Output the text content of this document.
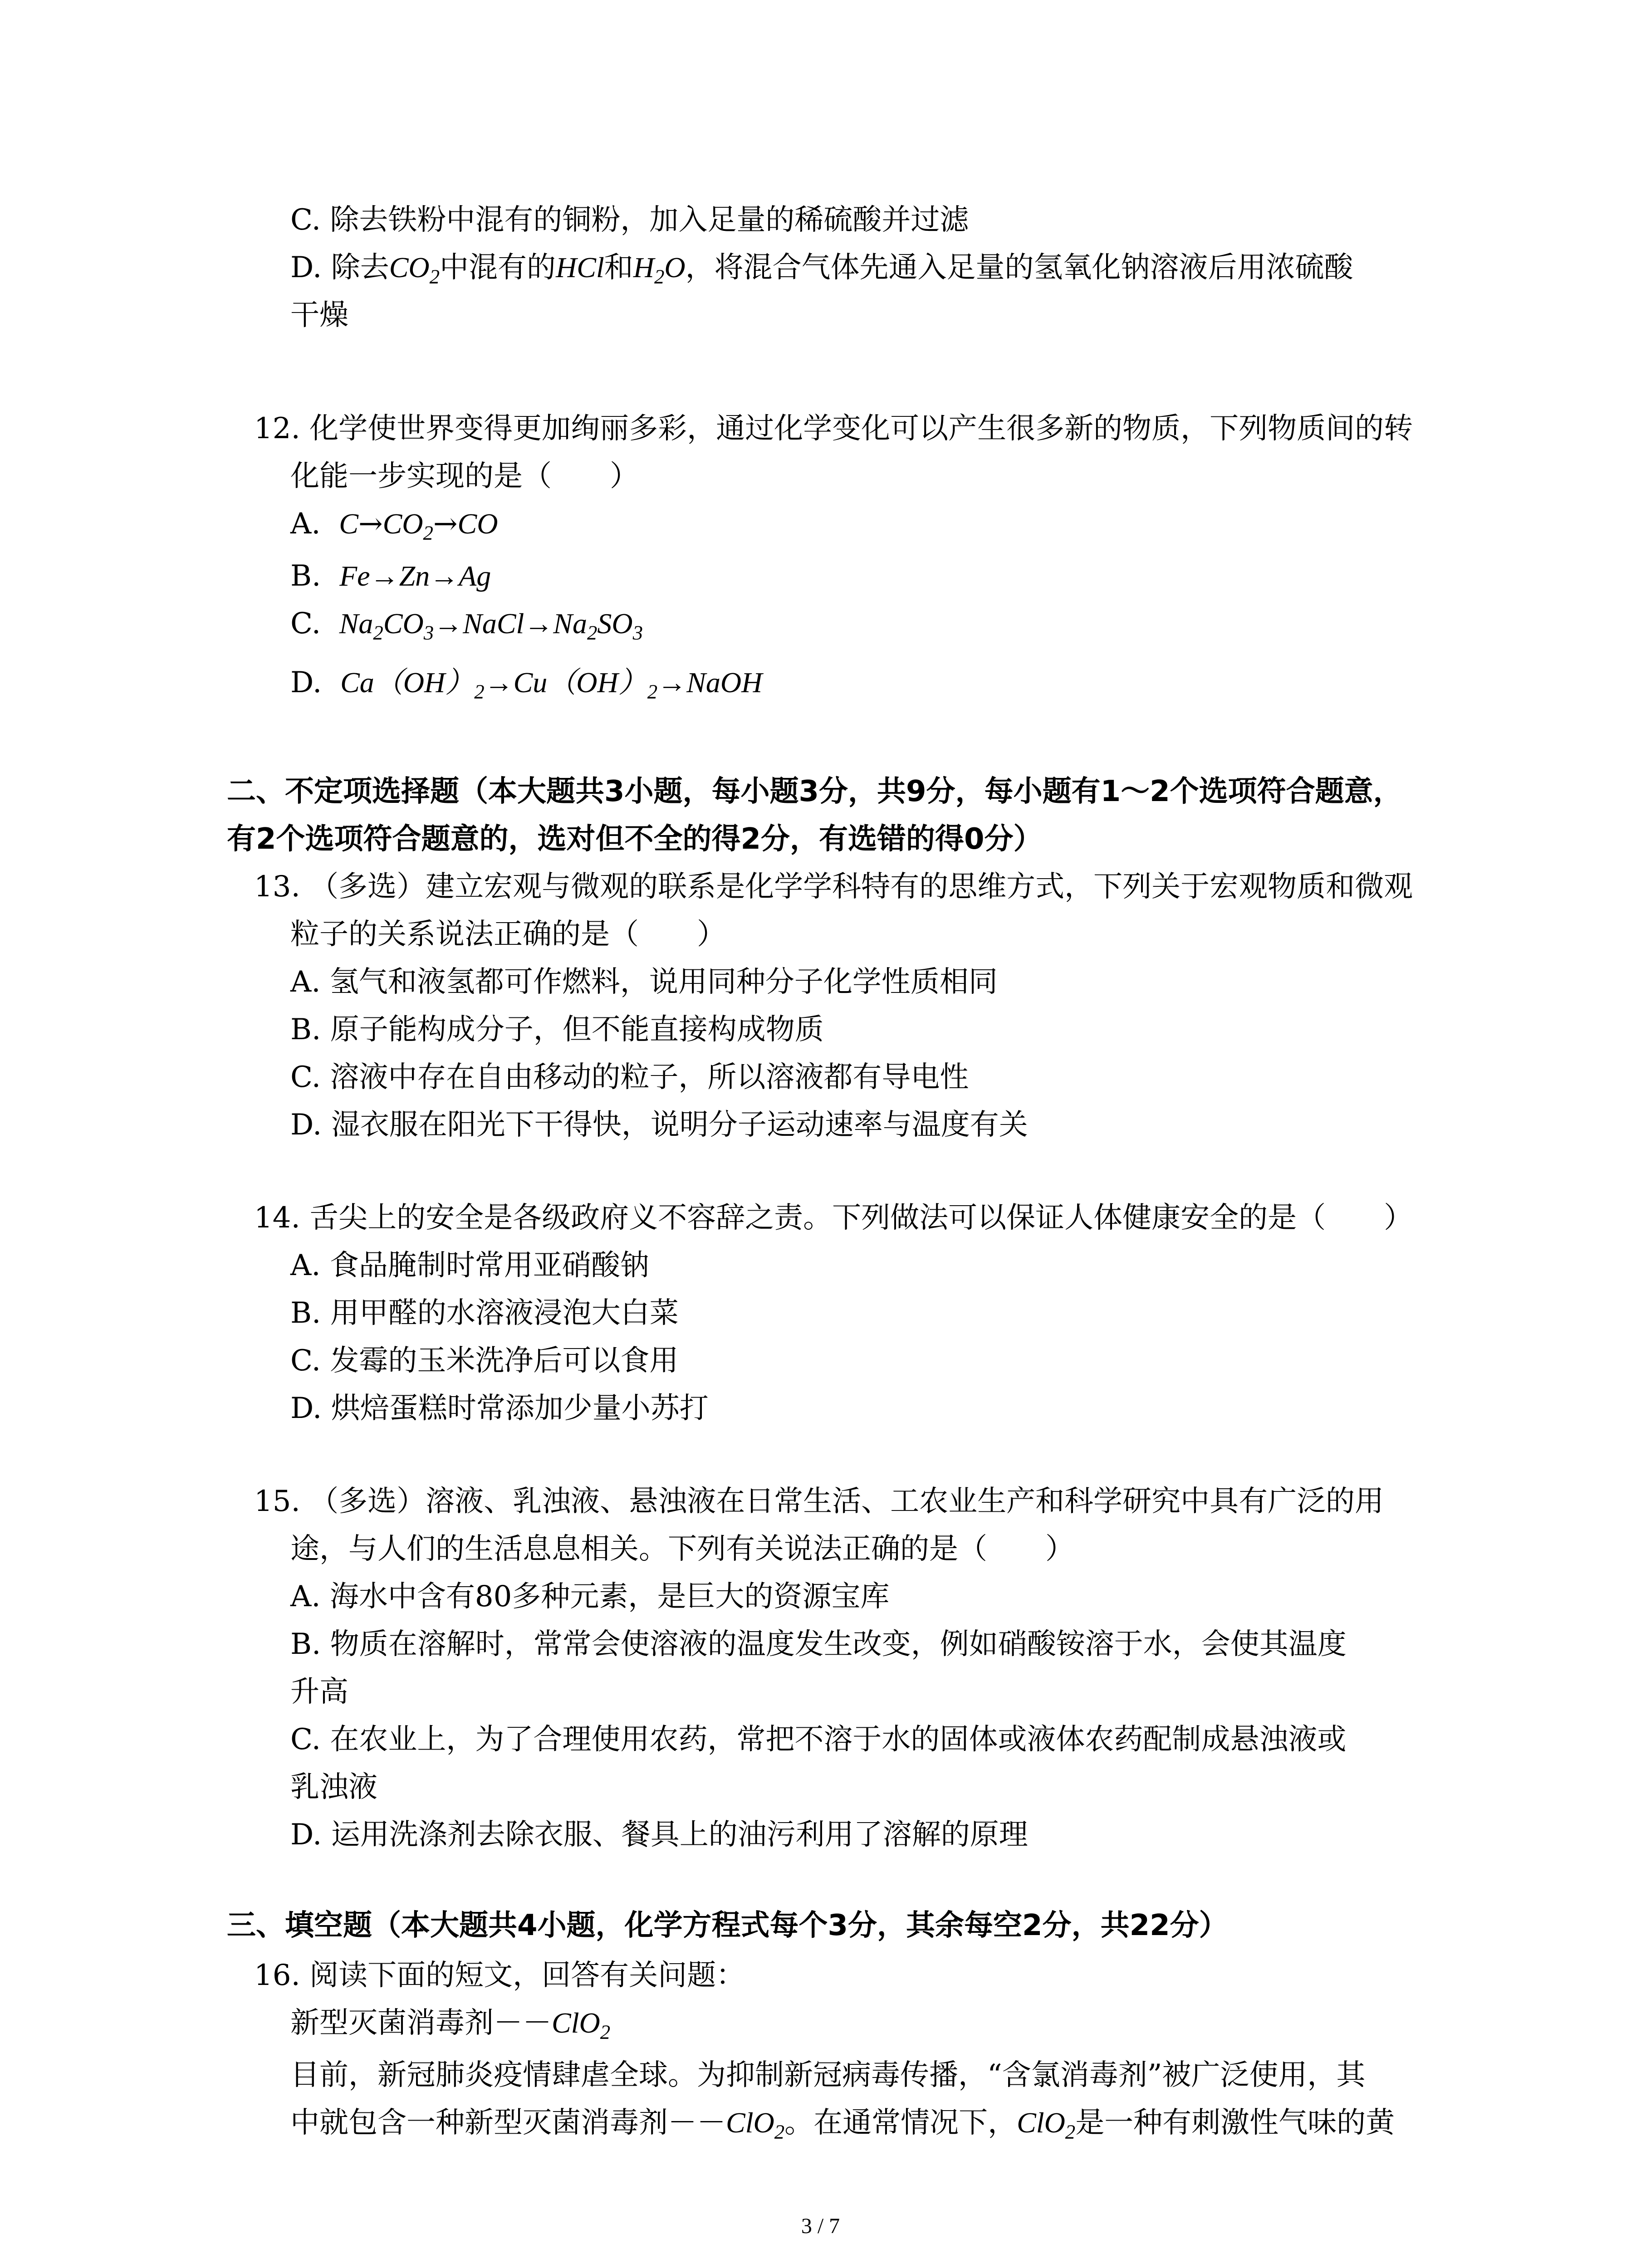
C. 除去铁粉中混有的铜粉，加入足量的稀硫酸并过滤
D. 除去$CO_2$中混有的HCl和$H_2O$，将混合气体先通入足量的氢氧化钠溶液后用浓硫酸
干燥
12. 化学使世界变得更加绚丽多彩，通过化学变化可以产生很多新的物质，下列物质间的转
化能一步实现的是（　　）
A. $C\to CO_2\to CO$
B. Fe→Zn→Ag
C. $Na_2CO_3\to NaCl\to Na_2SO_3$
D. $Ca(OH)_2\to Cu(OH)_2\to NaOH$
二、不定项选择题（本大题共3小题，每小题3分，共9分，每小题有1～2个选项符合题意，
有2个选项符合题意的，选对但不全的得2分，有选错的得0分）
13. （多选）建立宏观与微观的联系是化学学科特有的思维方式，下列关于宏观物质和微观
粒子的关系说法正确的是（　　）
A. 氢气和液氢都可作燃料，说用同种分子化学性质相同
B. 原子能构成分子，但不能直接构成物质
C. 溶液中存在自由移动的粒子，所以溶液都有导电性
D. 湿衣服在阳光下干得快，说明分子运动速率与温度有关
14. 舌尖上的安全是各级政府义不容辞之责。下列做法可以保证人体健康安全的是（　　）
A. 食品腌制时常用亚硝酸钠
B. 用甲醛的水溶液浸泡大白菜
C. 发霉的玉米洗净后可以食用
D. 烘焙蛋糕时常添加少量小苏打
15. （多选）溶液、乳浊液、悬浊液在日常生活、工农业生产和科学研究中具有广泛的用
途，与人们的生活息息相关。下列有关说法正确的是（　　）
A. 海水中含有80多种元素，是巨大的资源宝库
B. 物质在溶解时，常常会使溶液的温度发生改变，例如硝酸铵溶于水，会使其温度
升高
C. 在农业上，为了合理使用农药，常把不溶于水的固体或液体农药配制成悬浊液或
乳浊液
D. 运用洗涤剂去除衣服、餐具上的油污利用了溶解的原理
三、填空题（本大题共4小题，化学方程式每个3分，其余每空2分，共22分）
16. 阅读下面的短文，回答有关问题：
新型灭菌消毒剂－－ClO$_2$
目前，新冠肺炎疫情肆虐全球。为抑制新冠病毒传播，“含氯消毒剂”被广泛使用，其
中就包含一种新型灭菌消毒剂－－ClO$_2$。在通常情况下，ClO$_2$是一种有刺激性气味的黄
3 / 7
